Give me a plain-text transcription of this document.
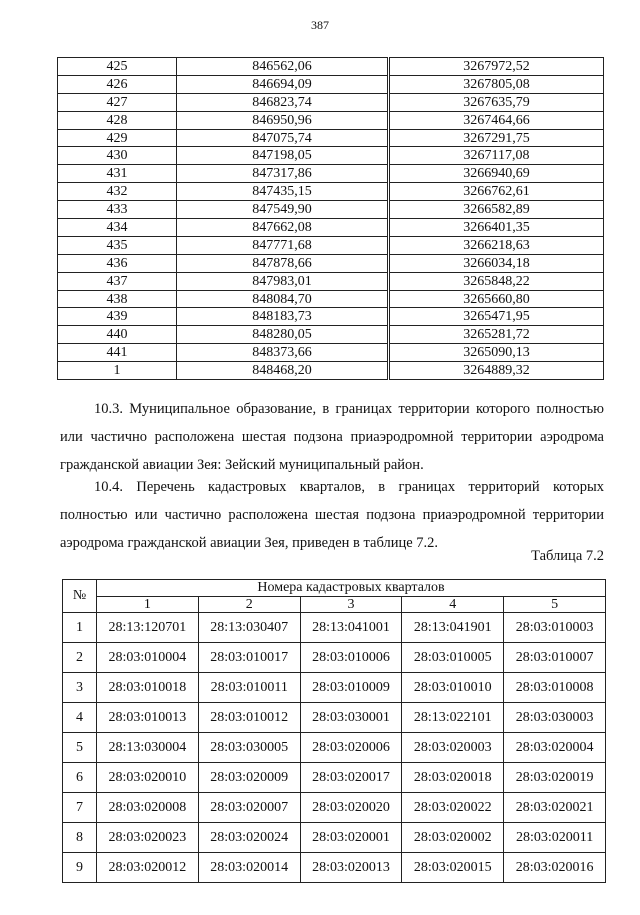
387
425	846562,06	3267972,52
426	846694,09	3267805,08
427	846823,74	3267635,79
428	846950,96	3267464,66
429	847075,74	3267291,75
430	847198,05	3267117,08
431	847317,86	3266940,69
432	847435,15	3266762,61
433	847549,90	3266582,89
434	847662,08	3266401,35
435	847771,68	3266218,63
436	847878,66	3266034,18
437	847983,01	3265848,22
438	848084,70	3265660,80
439	848183,73	3265471,95
440	848280,05	3265281,72
441	848373,66	3265090,13
1	848468,20	3264889,32
10.3. Муниципальное образование, в границах территории которого полностью или частично расположена шестая подзона приаэродромной территории аэродрома гражданской авиации Зея: Зейский муниципальный район.
10.4. Перечень кадастровых кварталов, в границах территорий которых полностью или частично расположена шестая подзона приаэродромной территории аэродрома гражданской авиации Зея, приведен в таблице 7.2.
Таблица 7.2
№	Номера кадастровых кварталов				
	1	2	3	4	5
1	28:13:120701	28:13:030407	28:13:041001	28:13:041901	28:03:010003
2	28:03:010004	28:03:010017	28:03:010006	28:03:010005	28:03:010007
3	28:03:010018	28:03:010011	28:03:010009	28:03:010010	28:03:010008
4	28:03:010013	28:03:010012	28:03:030001	28:13:022101	28:03:030003
5	28:13:030004	28:03:030005	28:03:020006	28:03:020003	28:03:020004
6	28:03:020010	28:03:020009	28:03:020017	28:03:020018	28:03:020019
7	28:03:020008	28:03:020007	28:03:020020	28:03:020022	28:03:020021
8	28:03:020023	28:03:020024	28:03:020001	28:03:020002	28:03:020011
9	28:03:020012	28:03:020014	28:03:020013	28:03:020015	28:03:020016
